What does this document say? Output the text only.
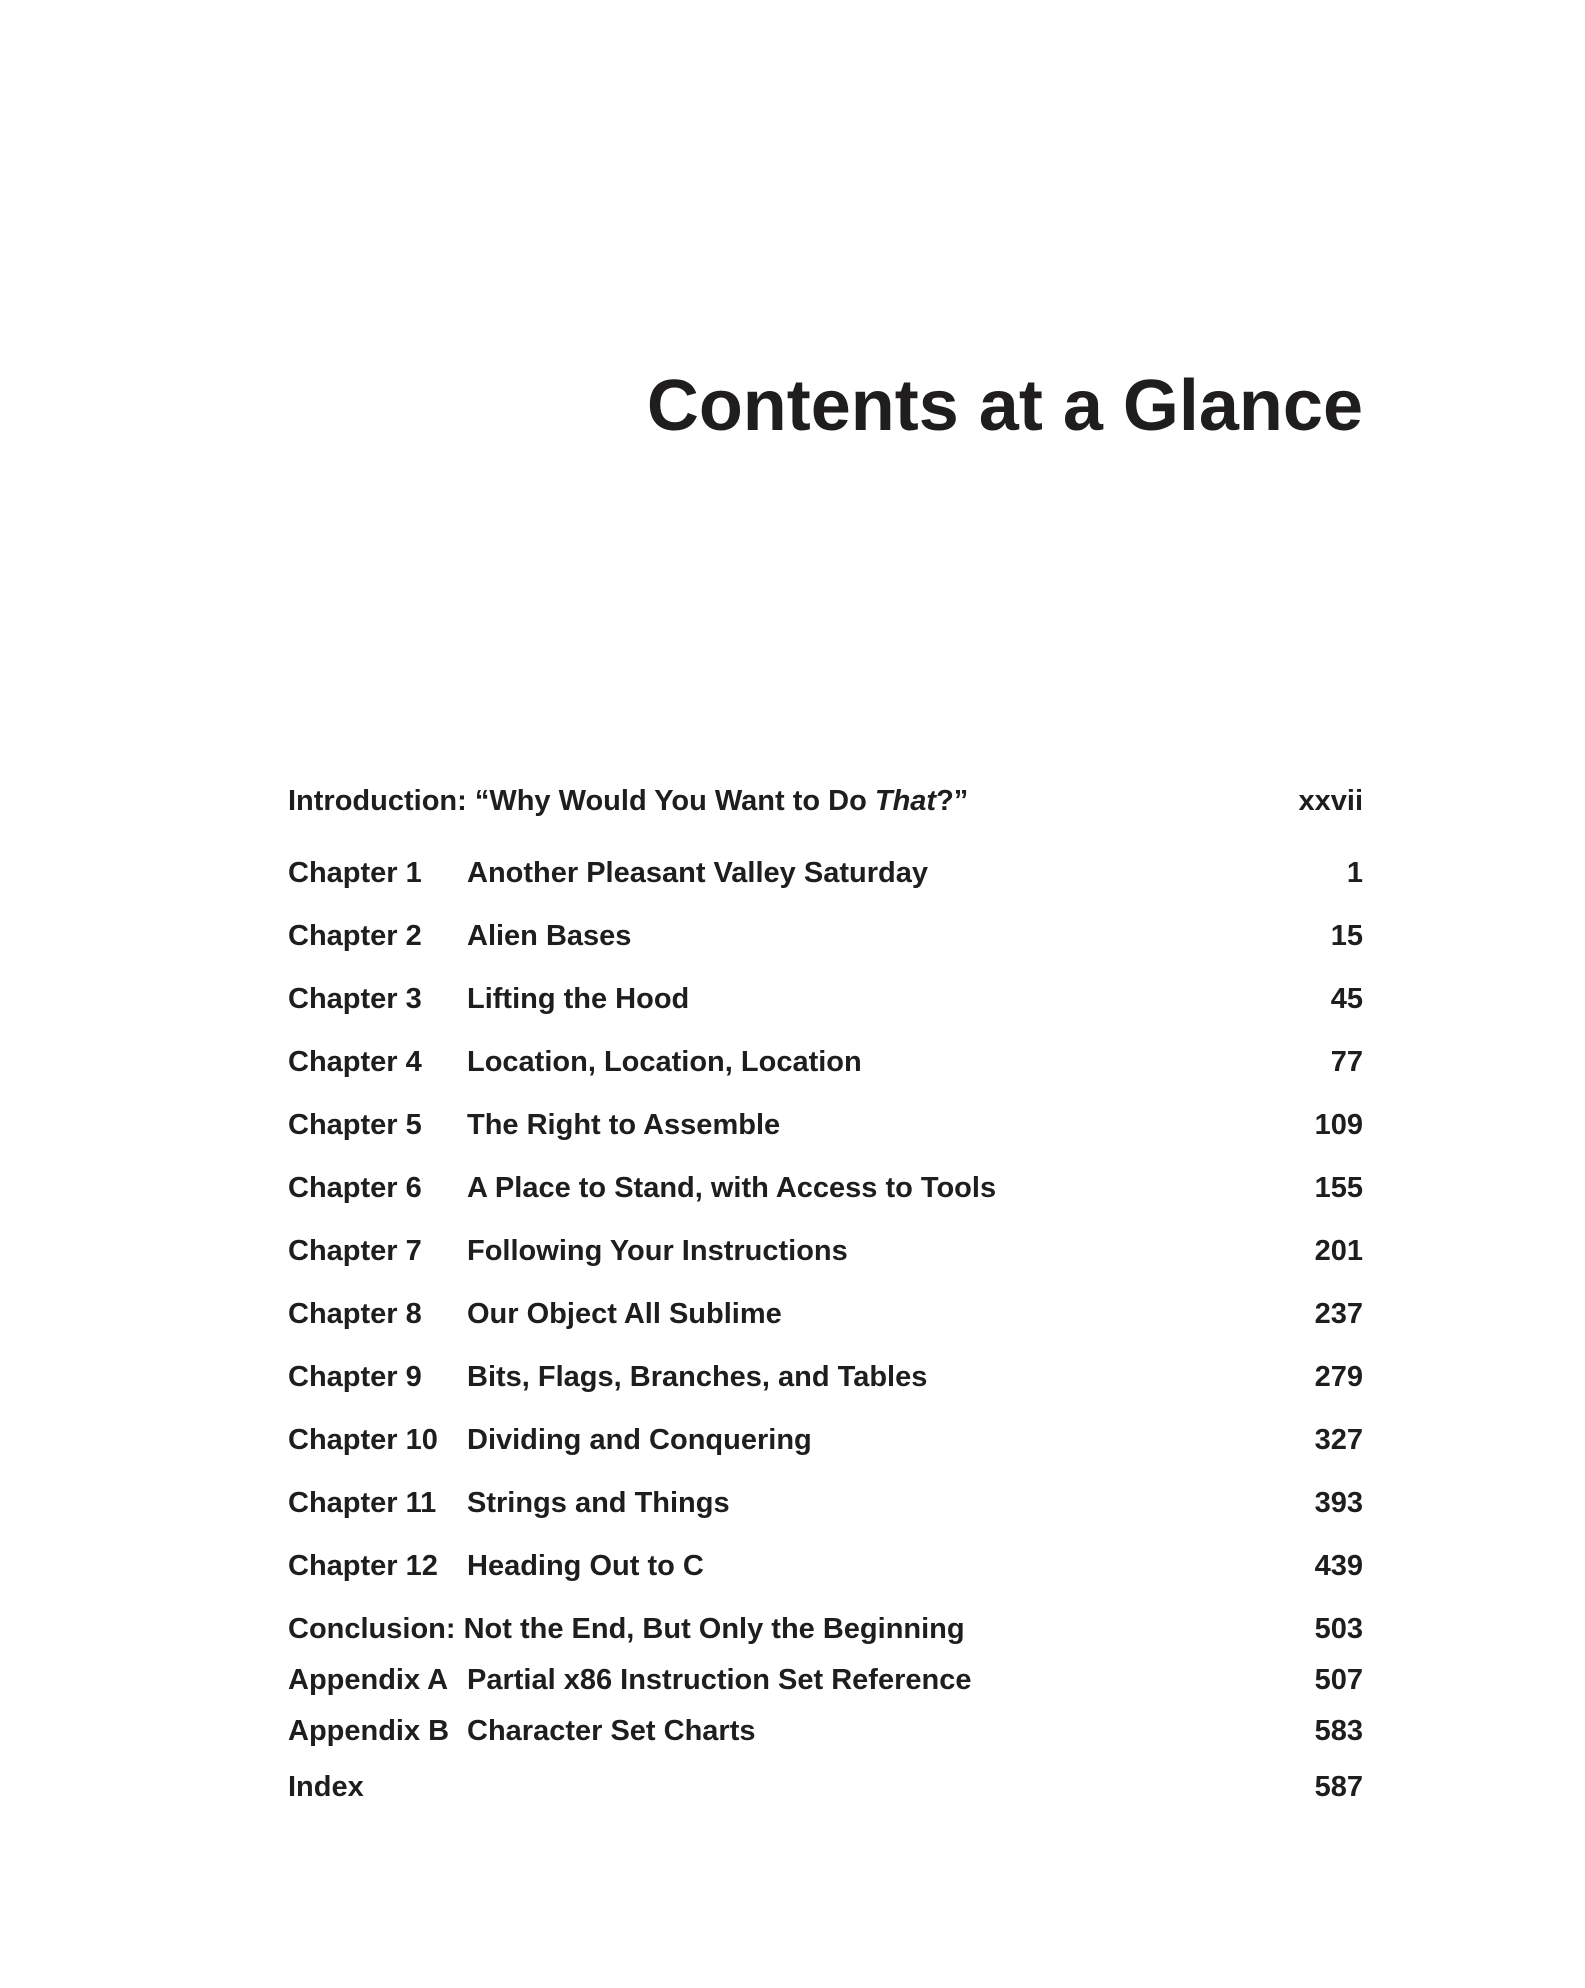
Contents at a Glance
Introduction: “Why Would You Want to Do That?”	xxvii
Chapter 1 Another Pleasant Valley Saturday	1
Chapter 2 Alien Bases	15
Chapter 3 Lifting the Hood	45
Chapter 4 Location, Location, Location	77
Chapter 5 The Right to Assemble	109
Chapter 6 A Place to Stand, with Access to Tools	155
Chapter 7 Following Your Instructions	201
Chapter 8 Our Object All Sublime	237
Chapter 9 Bits, Flags, Branches, and Tables	279
Chapter 10 Dividing and Conquering	327
Chapter 11 Strings and Things	393
Chapter 12 Heading Out to C	439
Conclusion: Not the End, But Only the Beginning	503
Appendix A Partial x86 Instruction Set Reference	507
Appendix B Character Set Charts	583
Index	587
